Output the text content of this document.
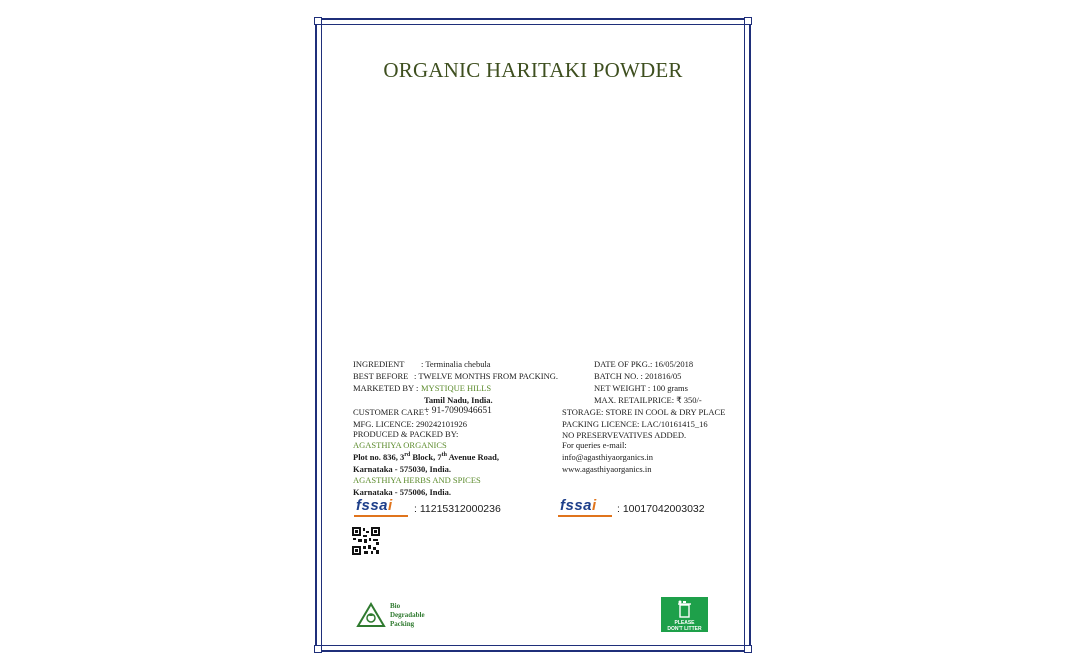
ORGANIC HARITAKI POWDER
INGREDIENT : Terminalia chebula
BEST BEFORE : TWELVE MONTHS FROM PACKING.
MARKETED BY : MYSTIQUE HILLS
Tamil Nadu, India.
CUSTOMER CARE :
+ 91-7090946651
MFG. LICENCE: 290242101926
PRODUCED & PACKED BY:
AGASTHIYA ORGANICS
Plot no. 836, 3rd Block, 7th Avenue Road,
Karnataka - 575030, India.
AGASTHIYA HERBS AND SPICES
Karnataka - 575006, India.
DATE OF PKG.: 16/05/2018
BATCH NO. : 201816/05
NET WEIGHT : 100 grams
MAX. RETAILPRICE: ₹ 350/-
STORAGE: STORE IN COOL & DRY PLACE
PACKING LICENCE: LAC/10161415_16
NO PRESERVEVATIVES ADDED.
For queries e-mail:
info@agasthiyaorganics.in
www.agasthiyaorganics.in
fssai : 11215312000236	fssai : 10017042003032
Bio
Degradable
Packing	PLEASE
DON'T LITTER
